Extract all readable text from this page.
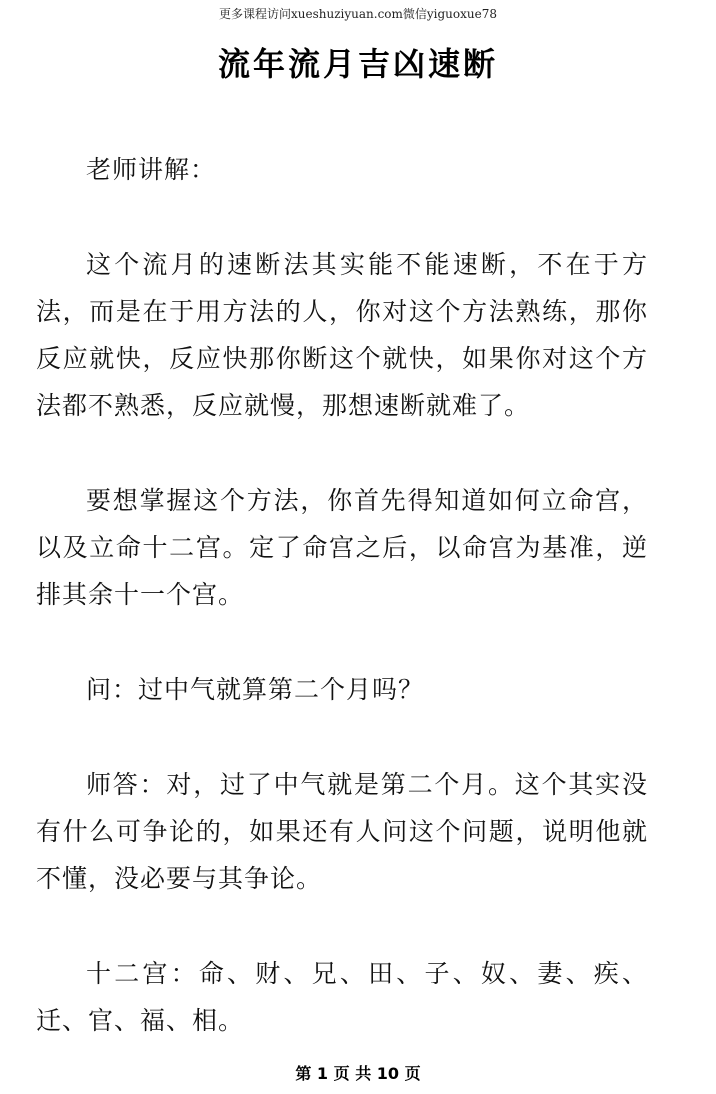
更多课程访问xueshuziyuan.com微信yiguoxue78
流年流月吉凶速断

老师讲解：

这个流月的速断法其实能不能速断，不在于方法，而是在于用方法的人，你对这个方法熟练，那你反应就快，反应快那你断这个就快，如果你对这个方法都不熟悉，反应就慢，那想速断就难了。

要想掌握这个方法，你首先得知道如何立命宫，以及立命十二宫。定了命宫之后，以命宫为基准，逆排其余十一个宫。

问：过中气就算第二个月吗？

师答：对，过了中气就是第二个月。这个其实没有什么可争论的，如果还有人问这个问题，说明他就不懂，没必要与其争论。

十二宫：命、财、兄、田、子、奴、妻、疾、迁、官、福、相。

第 1 页 共 10 页
